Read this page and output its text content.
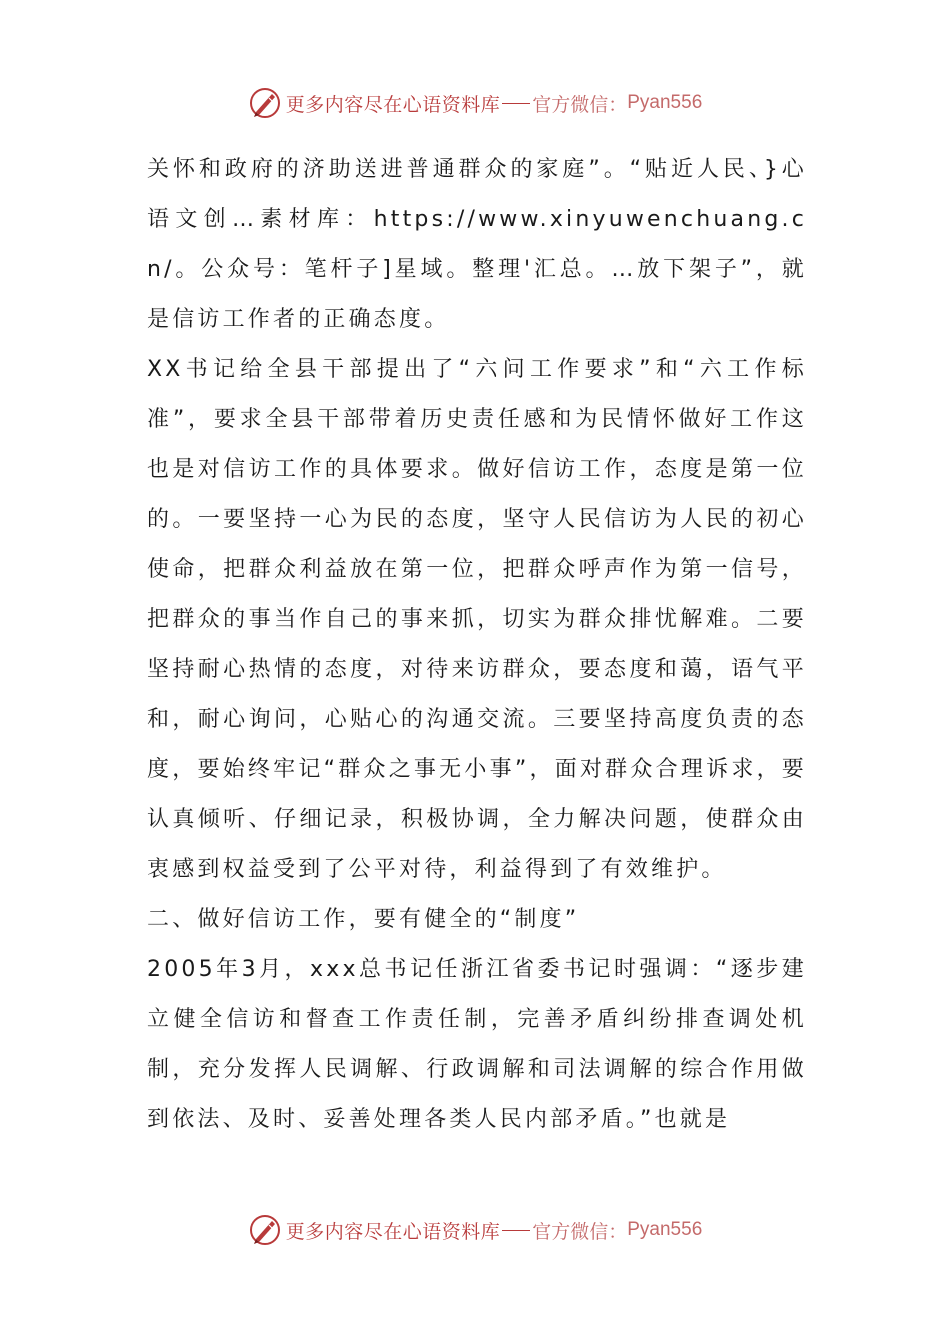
更多内容尽在心语资料库 官方微信： Pyan556

关怀和政府的济助送进普通群众的家庭”。“贴近人民、}心语文创…素材库：https://www.xinyuwenchuang.cn/。公众号：笔杆子]星域。整理'汇总。…放下架子”，就是信访工作者的正确态度。

XX书记给全县干部提出了“六问工作要求”和“六工作标准”，要求全县干部带着历史责任感和为民情怀做好工作这也是对信访工作的具体要求。做好信访工作，态度是第一位的。一要坚持一心为民的态度，坚守人民信访为人民的初心使命，把群众利益放在第一位，把群众呼声作为第一信号，把群众的事当作自己的事来抓，切实为群众排忧解难。二要坚持耐心热情的态度，对待来访群众，要态度和蔼，语气平和，耐心询问，心贴心的沟通交流。三要坚持高度负责的态度，要始终牢记“群众之事无小事”，面对群众合理诉求，要认真倾听、仔细记录，积极协调，全力解决问题，使群众由衷感到权益受到了公平对待，利益得到了有效维护。

二、做好信访工作，要有健全的“制度”

2005年3月，xxx总书记任浙江省委书记时强调：“逐步建立健全信访和督查工作责任制，完善矛盾纠纷排查调处机制，充分发挥人民调解、行政调解和司法调解的综合作用做到依法、及时、妥善处理各类人民内部矛盾。”也就是

更多内容尽在心语资料库 官方微信： Pyan556
